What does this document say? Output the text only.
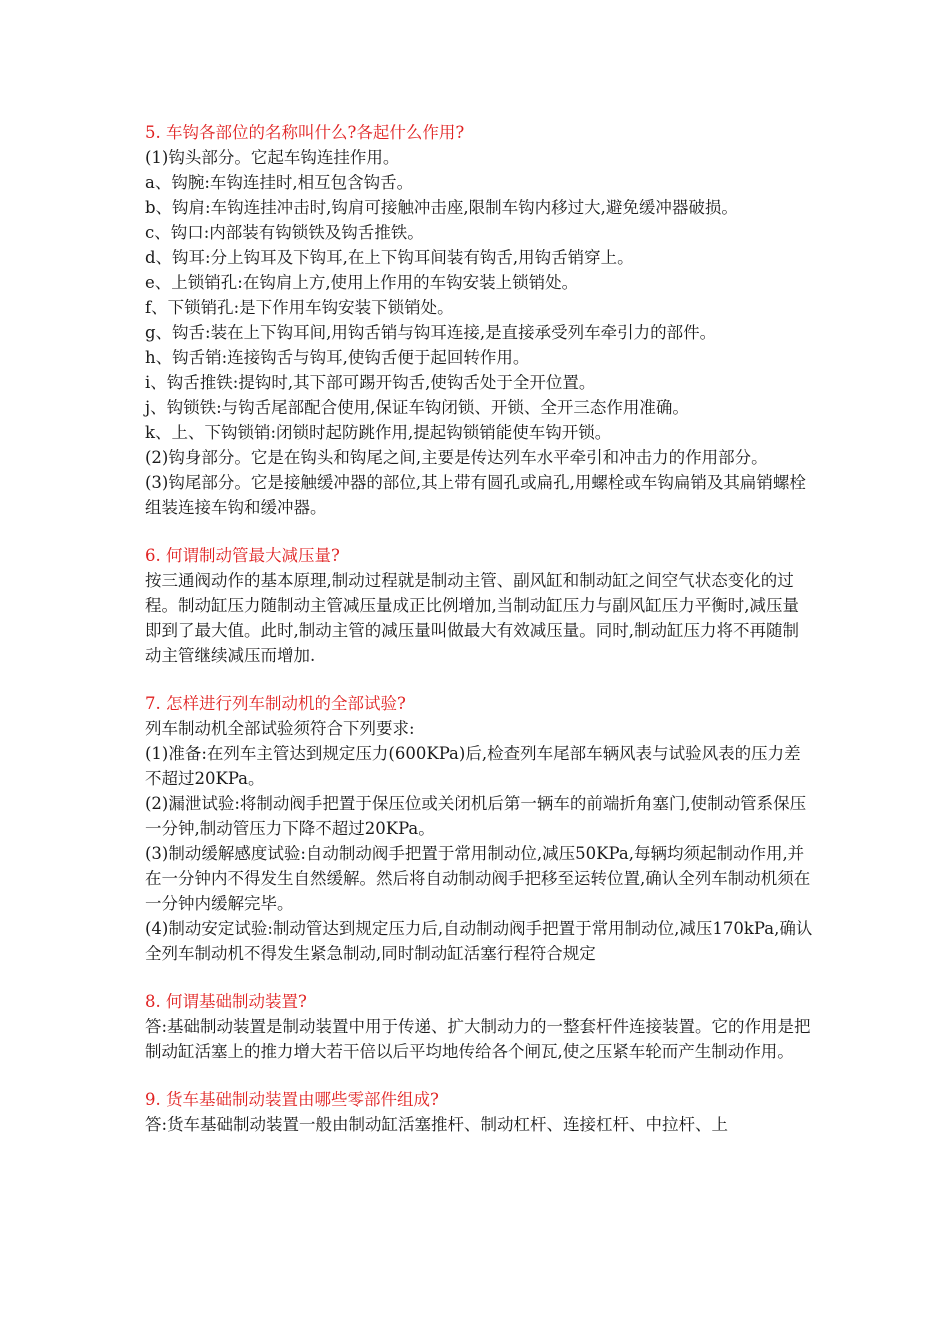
5. 车钩各部位的名称叫什么?各起什么作用?

(1)钩头部分。它起车钩连挂作用。

a、钩腕:车钩连挂时,相互包含钩舌。

b、钩肩:车钩连挂冲击时,钩肩可接触冲击座,限制车钩内移过大,避免缓冲器破损。

c、钩口:内部装有钩锁铁及钩舌推铁。

d、钩耳:分上钩耳及下钩耳,在上下钩耳间装有钩舌,用钩舌销穿上。

e、上锁销孔:在钩肩上方,使用上作用的车钩安装上锁销处。

f、下锁销孔:是下作用车钩安装下锁销处。

g、钩舌:装在上下钩耳间,用钩舌销与钩耳连接,是直接承受列车牵引力的部件。

h、钩舌销:连接钩舌与钩耳,使钩舌便于起回转作用。

i、钩舌推铁:提钩时,其下部可踢开钩舌,使钩舌处于全开位置。

j、钩锁铁:与钩舌尾部配合使用,保证车钩闭锁、开锁、全开三态作用准确。

k、上、下钩锁销:闭锁时起防跳作用,提起钩锁销能使车钩开锁。

(2)钩身部分。它是在钩头和钩尾之间,主要是传达列车水平牵引和冲击力的作用部分。

(3)钩尾部分。它是接触缓冲器的部位,其上带有圆孔或扁孔,用螺栓或车钩扁销及其扁销螺栓组装连接车钩和缓冲器。

6. 何谓制动管最大减压量?

按三通阀动作的基本原理,制动过程就是制动主管、副风缸和制动缸之间空气状态变化的过程。制动缸压力随制动主管减压量成正比例增加,当制动缸压力与副风缸压力平衡时,减压量即到了最大值。此时,制动主管的减压量叫做最大有效减压量。同时,制动缸压力将不再随制动主管继续减压而增加.

7. 怎样进行列车制动机的全部试验?

列车制动机全部试验须符合下列要求:

(1)准备:在列车主管达到规定压力(600KPa)后,检查列车尾部车辆风表与试验风表的压力差不超过20KPa。

(2)漏泄试验:将制动阀手把置于保压位或关闭机后第一辆车的前端折角塞门,使制动管系保压一分钟,制动管压力下降不超过20KPa。

(3)制动缓解感度试验:自动制动阀手把置于常用制动位,减压50KPa,每辆均须起制动作用,并在一分钟内不得发生自然缓解。然后将自动制动阀手把移至运转位置,确认全列车制动机须在一分钟内缓解完毕。

(4)制动安定试验:制动管达到规定压力后,自动制动阀手把置于常用制动位,减压170kPa,确认全列车制动机不得发生紧急制动,同时制动缸活塞行程符合规定

8. 何谓基础制动装置?

答:基础制动装置是制动装置中用于传递、扩大制动力的一整套杆件连接装置。它的作用是把制动缸活塞上的推力增大若干倍以后平均地传给各个闸瓦,使之压紧车轮而产生制动作用。

9. 货车基础制动装置由哪些零部件组成?

答:货车基础制动装置一般由制动缸活塞推杆、制动杠杆、连接杠杆、中拉杆、上
